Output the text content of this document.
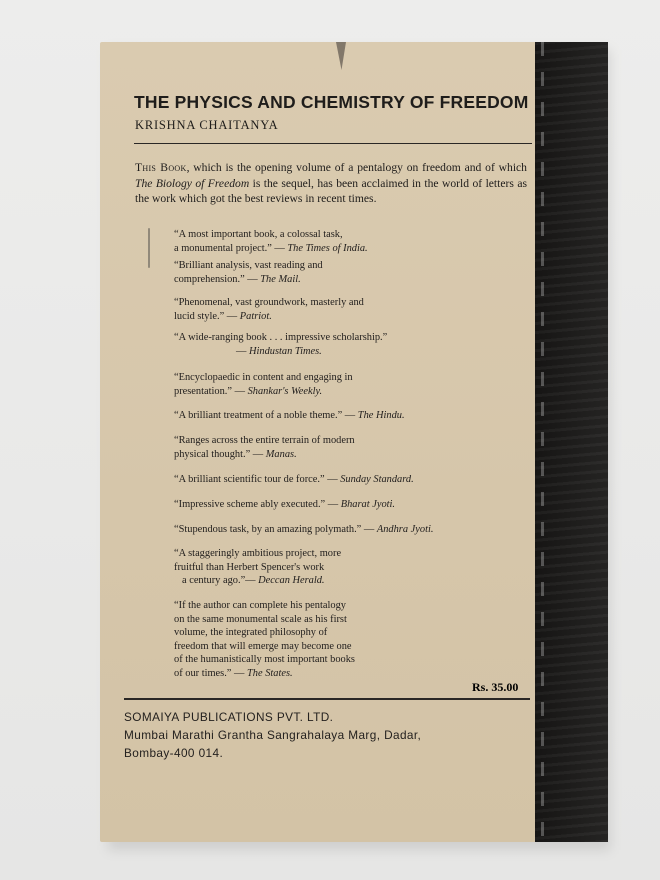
THE PHYSICS AND CHEMISTRY OF FREEDOM
KRISHNA CHAITANYA
This Book, which is the opening volume of a pentalogy on freedom and of which The Biology of Freedom is the sequel, has been acclaimed in the world of letters as the work which got the best reviews in recent times.
“A most important book, a colossal task,
a monumental project.” — The Times of India.
“Brilliant analysis, vast reading and
comprehension.” — The Mail.
“Phenomenal, vast groundwork, masterly and
lucid style.” — Patriot.
“A wide-ranging book . . . impressive scholarship.”
— Hindustan Times.
“Encyclopaedic in content and engaging in
presentation.” — Shankar's Weekly.
“A brilliant treatment of a noble theme.” — The Hindu.
“Ranges across the entire terrain of modern
physical thought.” — Manas.
“A brilliant scientific tour de force.” — Sunday Standard.
“Impressive scheme ably executed.” — Bharat Jyoti.
“Stupendous task, by an amazing polymath.” — Andhra Jyoti.
“A staggeringly ambitious project, more
fruitful than Herbert Spencer's work
a century ago.”— Deccan Herald.
“If the author can complete his pentalogy
on the same monumental scale as his first
volume, the integrated philosophy of
freedom that will emerge may become one
of the humanistically most important books
of our times.” — The States.
Rs. 35.00
SOMAIYA PUBLICATIONS PVT. LTD.
Mumbai Marathi Grantha Sangrahalaya Marg, Dadar,
Bombay-400 014.
